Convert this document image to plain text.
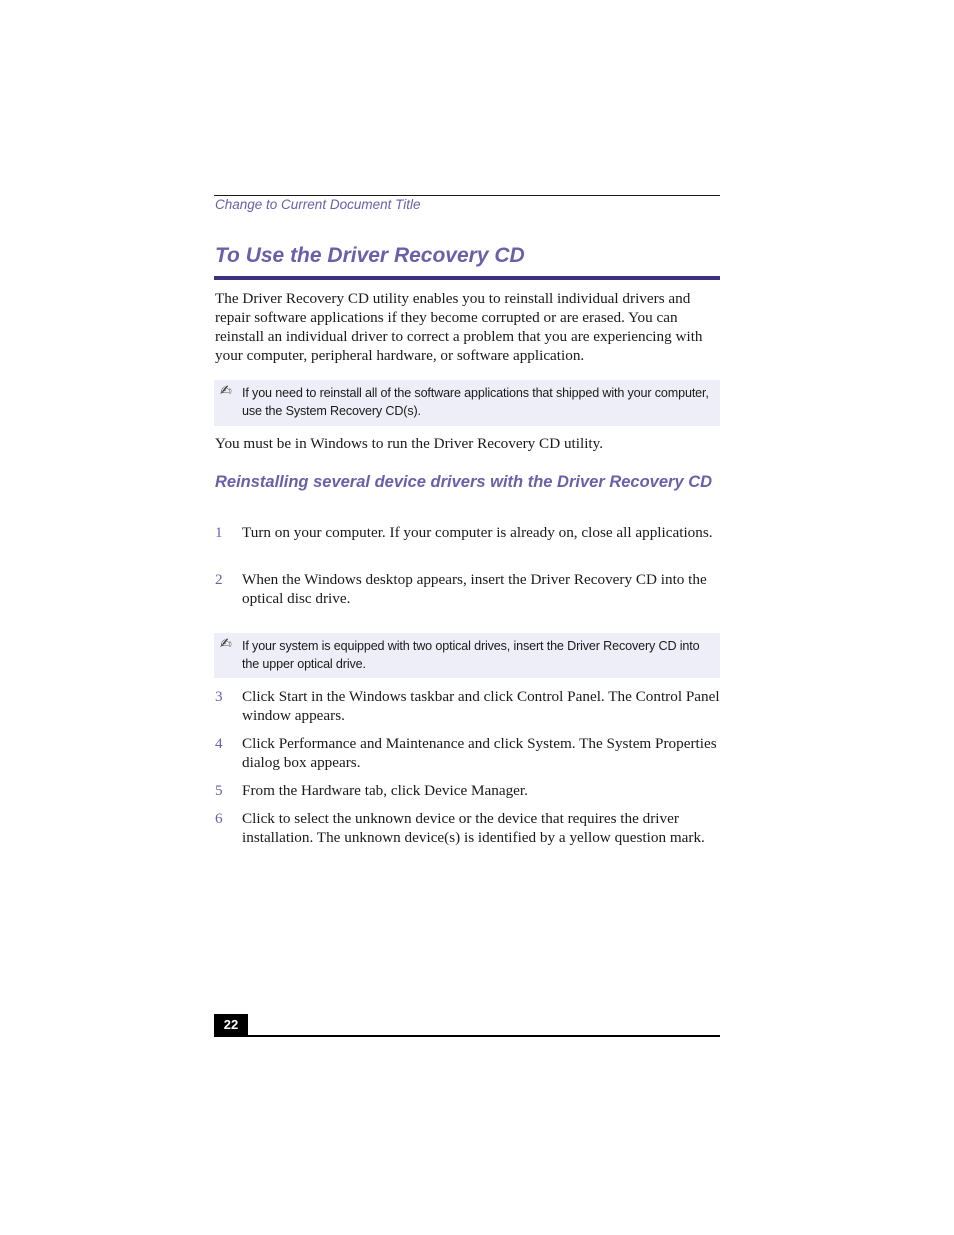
Change to Current Document Title
To Use the Driver Recovery CD

The Driver Recovery CD utility enables you to reinstall individual drivers and repair software applications if they become corrupted or are erased. You can reinstall an individual driver to correct a problem that you are experiencing with your computer, peripheral hardware, or software application.

✍ If you need to reinstall all of the software applications that shipped with your computer, use the System Recovery CD(s).

You must be in Windows to run the Driver Recovery CD utility.

Reinstalling several device drivers with the Driver Recovery CD
1 Turn on your computer. If your computer is already on, close all applications.
2 When the Windows desktop appears, insert the Driver Recovery CD into the optical disc drive.
✍ If your system is equipped with two optical drives, insert the Driver Recovery CD into the upper optical drive.
3 Click Start in the Windows taskbar and click Control Panel. The Control Panel window appears.
4 Click Performance and Maintenance and click System. The System Properties dialog box appears.
5 From the Hardware tab, click Device Manager.
6 Click to select the unknown device or the device that requires the driver installation. The unknown device(s) is identified by a yellow question mark.
22
